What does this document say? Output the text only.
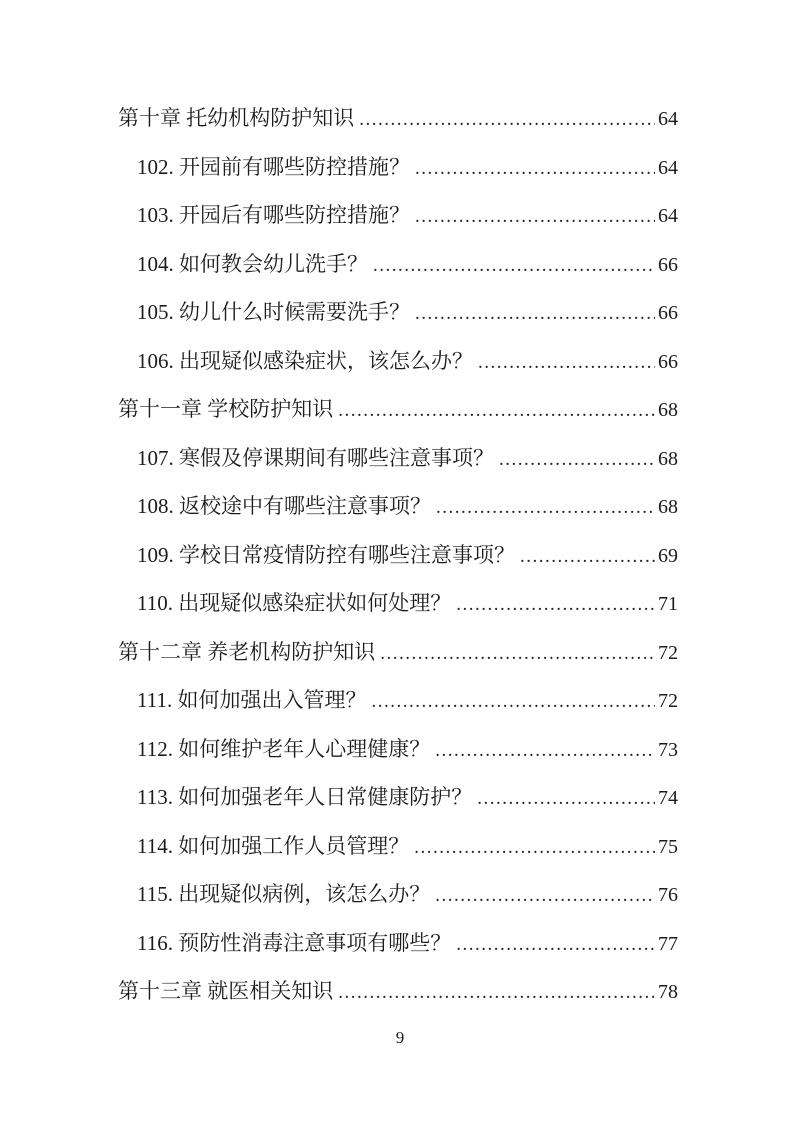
第十章 托幼机构防护知识 .....	64
102. 开园前有哪些防控措施？ .....	64
103. 开园后有哪些防控措施？ .....	64
104. 如何教会幼儿洗手？ .....	66
105. 幼儿什么时候需要洗手？ .....	66
106. 出现疑似感染症状，该怎么办？ .....	66
第十一章 学校防护知识 .....	68
107. 寒假及停课期间有哪些注意事项？ .....	68
108. 返校途中有哪些注意事项？ .....	68
109. 学校日常疫情防控有哪些注意事项？ .....	69
110. 出现疑似感染症状如何处理？ .....	71
第十二章 养老机构防护知识 .....	72
111. 如何加强出入管理？ .....	72
112. 如何维护老年人心理健康？ .....	73
113. 如何加强老年人日常健康防护？ .....	74
114. 如何加强工作人员管理？ .....	75
115. 出现疑似病例，该怎么办？ .....	76
116. 预防性消毒注意事项有哪些？ .....	77
第十三章 就医相关知识 .....	78
9
